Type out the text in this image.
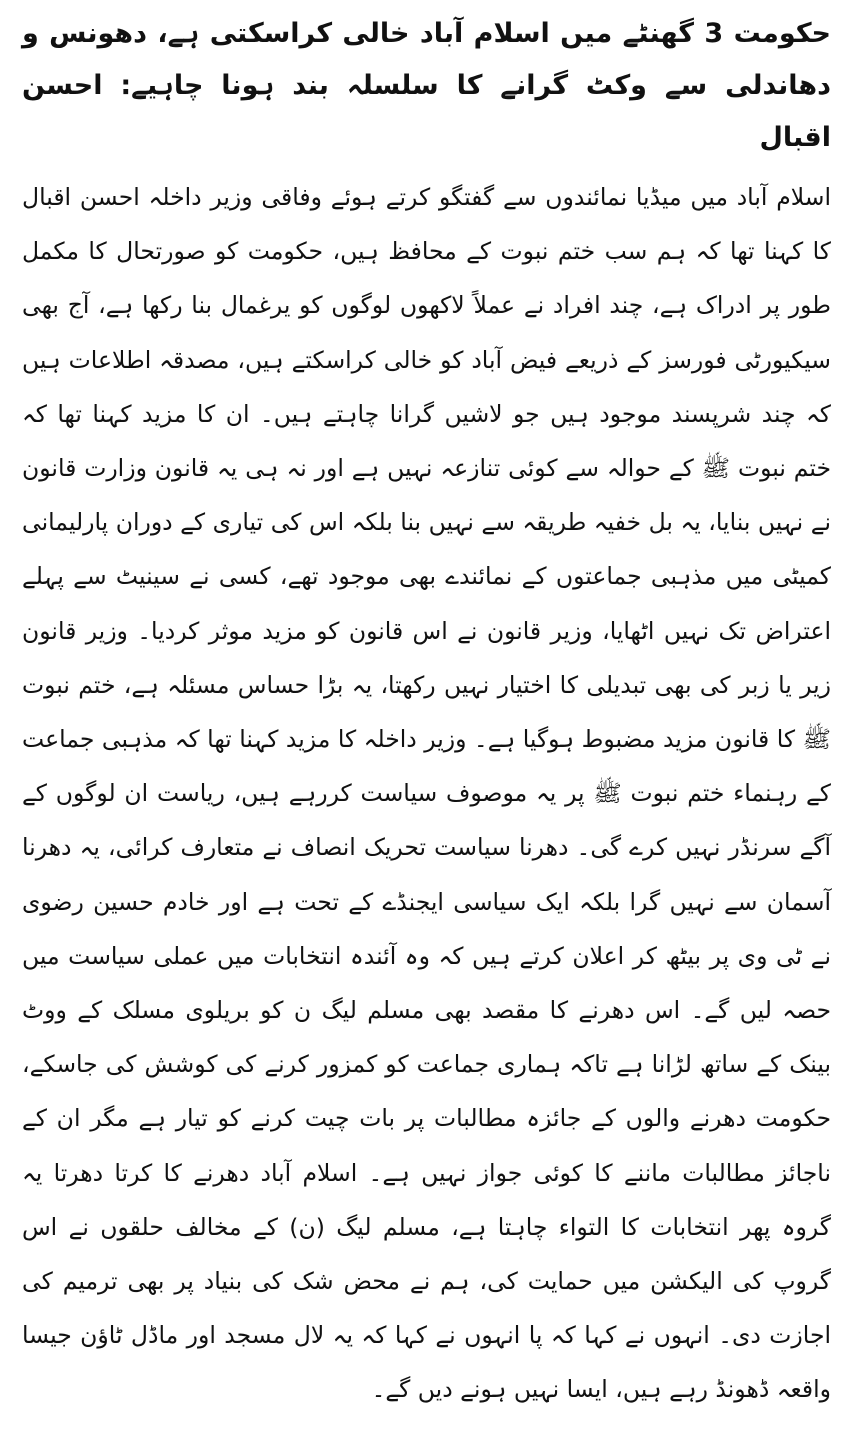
حکومت 3 گھنٹے میں اسلام آباد خالی کراسکتی ہے، دھونس و دھاندلی سے وکٹ گرانے کا سلسلہ بند ہونا چاہیے: احسن اقبال

اسلام آباد میں میڈیا نمائندوں سے گفتگو کرتے ہوئے وفاقی وزیر داخلہ احسن اقبال کا کہنا تھا کہ ہم سب ختم نبوت کے محافظ ہیں، حکومت کو صورتحال کا مکمل طور پر ادراک ہے، چند افراد نے عملاً لاکھوں لوگوں کو یرغمال بنا رکھا ہے، آج بھی سیکیورٹی فورسز کے ذریعے فیض آباد کو خالی کراسکتے ہیں، مصدقہ اطلاعات ہیں کہ چند شرپسند موجود ہیں جو لاشیں گرانا چاہتے ہیں۔ ان کا مزید کہنا تھا کہ ختم نبوت ﷺ کے حوالہ سے کوئی تنازعہ نہیں ہے اور نہ ہی یہ قانون وزارت قانون نے نہیں بنایا، یہ بل خفیہ طریقہ سے نہیں بنا بلکہ اس کی تیاری کے دوران پارلیمانی کمیٹی میں مذہبی جماعتوں کے نمائندے بھی موجود تھے، کسی نے سینیٹ سے پہلے اعتراض تک نہیں اٹھایا، وزیر قانون نے اس قانون کو مزید موثر کردیا۔ وزیر قانون زیر یا زبر کی بھی تبدیلی کا اختیار نہیں رکھتا، یہ بڑا حساس مسئلہ ہے، ختم نبوت ﷺ کا قانون مزید مضبوط ہوگیا ہے۔ وزیر داخلہ کا مزید کہنا تھا کہ مذہبی جماعت کے رہنماء ختم نبوت ﷺ پر یہ موصوف سیاست کررہے ہیں، ریاست ان لوگوں کے آگے سرنڈر نہیں کرے گی۔ دھرنا سیاست تحریک انصاف نے متعارف کرائی، یہ دھرنا آسمان سے نہیں گرا بلکہ ایک سیاسی ایجنڈے کے تحت ہے اور خادم حسین رضوی نے ٹی وی پر بیٹھ کر اعلان کرتے ہیں کہ وہ آئندہ انتخابات میں عملی سیاست میں حصہ لیں گے۔ اس دھرنے کا مقصد بھی مسلم لیگ ن کو بریلوی مسلک کے ووٹ بینک کے ساتھ لڑانا ہے تاکہ ہماری جماعت کو کمزور کرنے کی کوشش کی جاسکے، حکومت دھرنے والوں کے جائزہ مطالبات پر بات چیت کرنے کو تیار ہے مگر ان کے ناجائز مطالبات ماننے کا کوئی جواز نہیں ہے۔ اسلام آباد دھرنے کا کرتا دھرتا یہ گروہ پھر انتخابات کا التواء چاہتا ہے، مسلم لیگ (ن) کے مخالف حلقوں نے اس گروپ کی الیکشن میں حمایت کی، ہم نے محض شک کی بنیاد پر بھی ترمیم کی اجازت دی۔ انہوں نے کہا کہ پا انہوں نے کہا کہ یہ لال مسجد اور ماڈل ٹاؤن جیسا واقعہ ڈھونڈ رہے ہیں، ایسا نہیں ہونے دیں گے۔
